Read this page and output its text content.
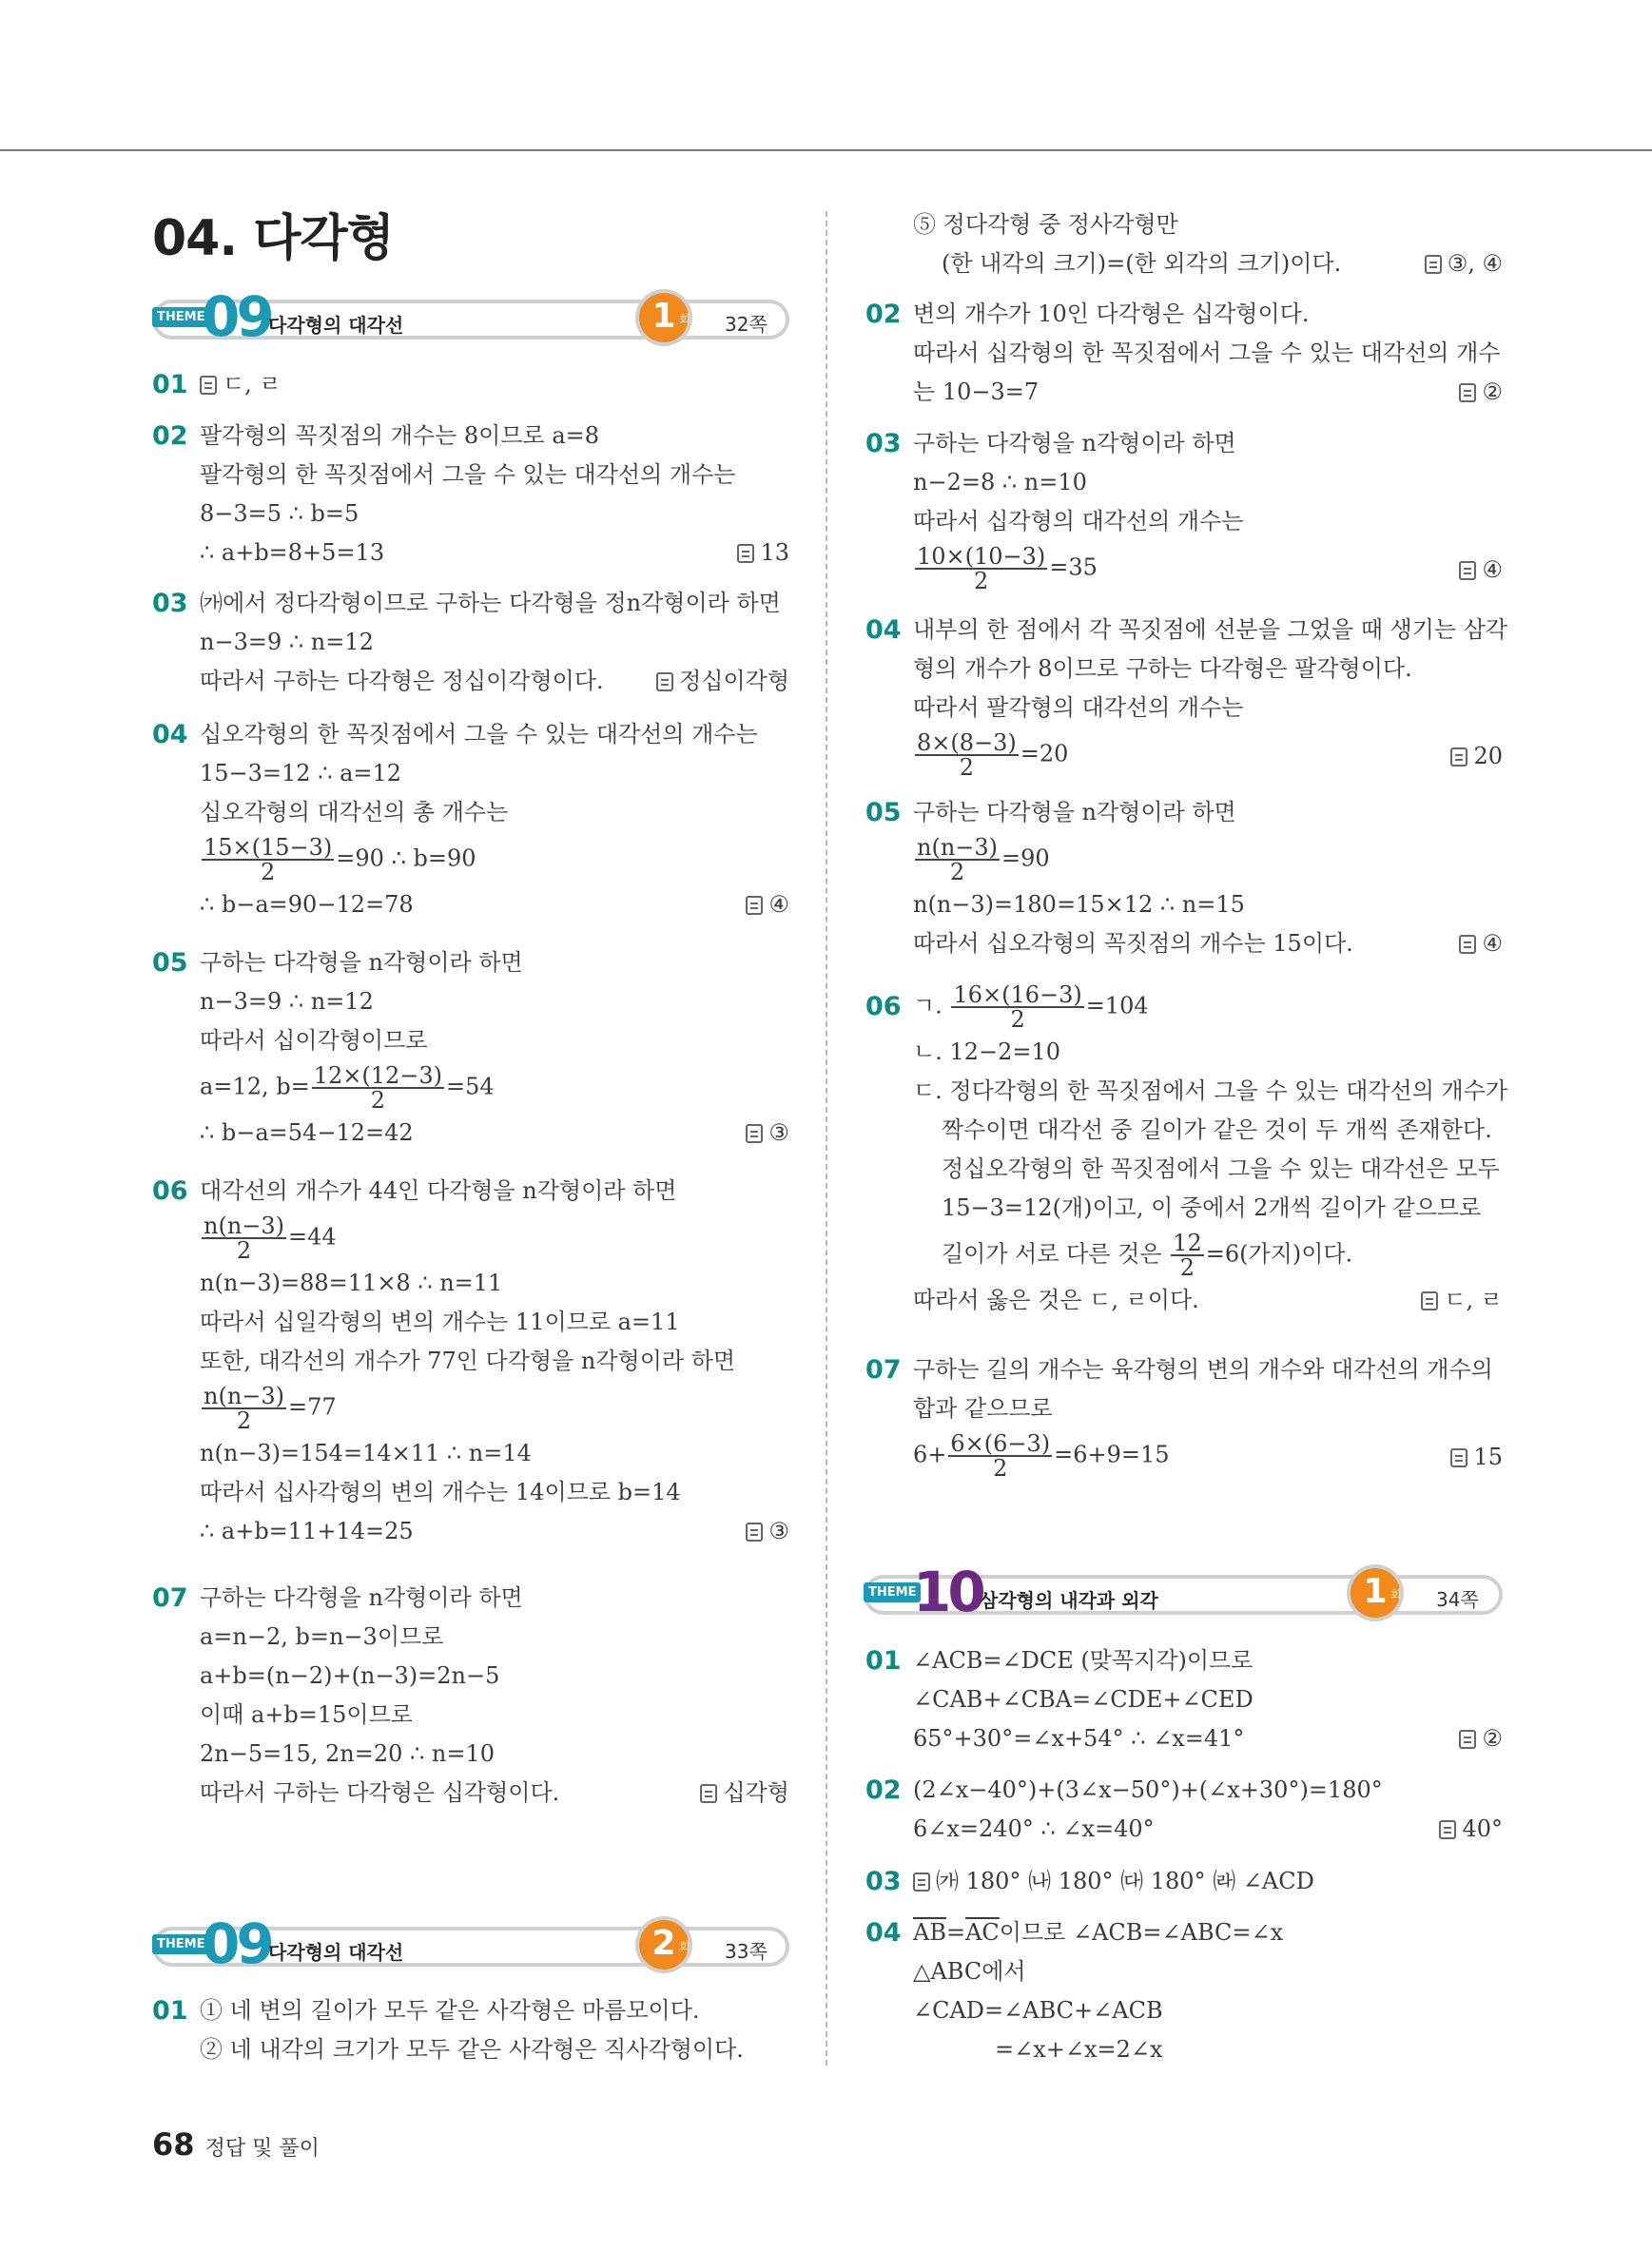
04. 다각형
THEME
09
다각형의 대각선	1 회 32쪽
01	ㄷ, ㄹ
02 팔각형의 꼭짓점의 개수는 8이므로 a=8
팔각형의 한 꼭짓점에서 그을 수 있는 대각선의 개수는
8−3=5 ∴ b=5
∴ a+b=8+5=13	13
03 ㈎에서 정다각형이므로 구하는 다각형을 정n각형이라 하면
n−3=9 ∴ n=12
따라서 구하는 다각형은 정십이각형이다.	정십이각형
04 십오각형의 한 꼭짓점에서 그을 수 있는 대각선의 개수는
15−3=12 ∴ a=12
십오각형의 대각선의 총 개수는
$\frac{15\times(15-3)}{2} =90$ ∴ b=90
∴ b−a=90−12=78	④
05 구하는 다각형을 n각형이라 하면
n−3=9 ∴ n=12
따라서 십이각형이므로
a=12, $b= \frac{12\times(12-3)}{2} =54$
∴ b−a=54−12=42	③
06 대각선의 개수가 44인 다각형을 n각형이라 하면
$\frac{n(n-3)}{2} =44$
n(n−3)=88=11×8 ∴ n=11
따라서 십일각형의 변의 개수는 11이므로 a=11
또한, 대각선의 개수가 77인 다각형을 n각형이라 하면
$\frac{n(n-3)}{2} =77$
n(n−3)=154=14×11 ∴ n=14
따라서 십사각형의 변의 개수는 14이므로 b=14
∴ a+b=11+14=25	③
07 구하는 다각형을 n각형이라 하면
a=n−2, b=n−3이므로
a+b=(n−2)+(n−3)=2n−5
이때 a+b=15이므로
2n−5=15, 2n=20 ∴ n=10
따라서 구하는 다각형은 십각형이다.	십각형
THEME
09
다각형의 대각선	2 회 33쪽
01 ① 네 변의 길이가 모두 같은 사각형은 마름모이다.
② 네 내각의 크기가 모두 같은 사각형은 직사각형이다.
⑤ 정다각형 중 정사각형만
(한 내각의 크기)=(한 외각의 크기)이다.	③, ④
02 변의 개수가 10인 다각형은 십각형이다.
따라서 십각형의 한 꼭짓점에서 그을 수 있는 대각선의 개수
는 10−3=7	②
03 구하는 다각형을 n각형이라 하면
n−2=8 ∴ n=10
따라서 십각형의 대각선의 개수는
$\frac{10\times(10-3)}{2} =35$	④
04 내부의 한 점에서 각 꼭짓점에 선분을 그었을 때 생기는 삼각
형의 개수가 8이므로 구하는 다각형은 팔각형이다.
따라서 팔각형의 대각선의 개수는
$\frac{8\times(8-3)}{2} =20$	20
05 구하는 다각형을 n각형이라 하면
$\frac{n(n-3)}{2} =90$
n(n−3)=180=15×12 ∴ n=15
따라서 십오각형의 꼭짓점의 개수는 15이다.	④
06 ㄱ. $\frac{16\times(16-3)}{2} =104$
ㄴ. 12−2=10
ㄷ. 정다각형의 한 꼭짓점에서 그을 수 있는 대각선의 개수가
짝수이면 대각선 중 길이가 같은 것이 두 개씩 존재한다.
정십오각형의 한 꼭짓점에서 그을 수 있는 대각선은 모두
15−3=12(개)이고, 이 중에서 2개씩 길이가 같으므로
길이가 서로 다른 것은 $\frac{12}{2} =6$(가지)이다.
따라서 옳은 것은 ㄷ, ㄹ이다.	ㄷ, ㄹ
07 구하는 길의 개수는 육각형의 변의 개수와 대각선의 개수의
합과 같으므로
$6+ \frac{6\times(6-3)}{2} =6+9=15$	15
THEME
10
삼각형의 내각과 외각	1 회 34쪽
01 ∠ACB=∠DCE (맞꼭지각)이므로
∠CAB+∠CBA=∠CDE+∠CED
65°+30°=∠x+54° ∴ ∠x=41°	②
02 (2∠x−40°)+(3∠x−50°)+(∠x+30°)=180°
6∠x=240° ∴ ∠x=40°	40°
03	㈎ 180° ㈏ 180° ㈐ 180° ㈑ ∠ACD
04 $\overline{AB}=\overline{AC}$이므로 ∠ACB=∠ABC=∠x
△ABC에서
∠CAD=∠ABC+∠ACB
=∠x+∠x=2∠x
68 정답 및 풀이
